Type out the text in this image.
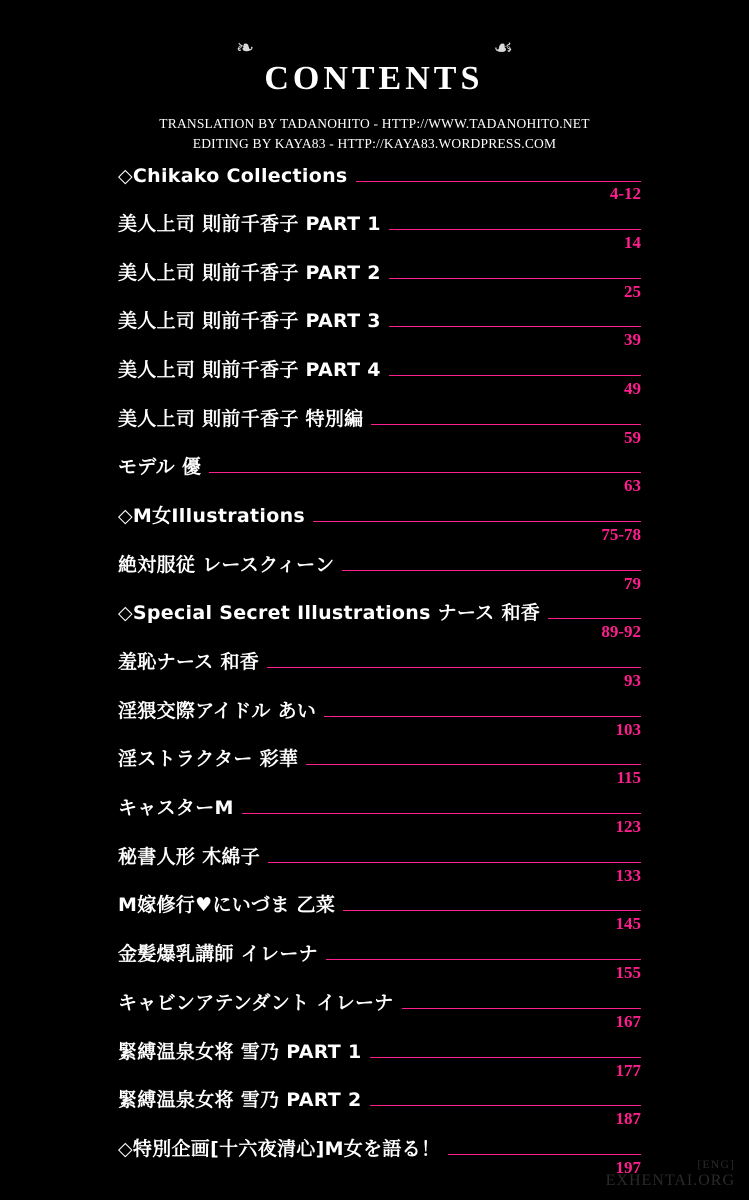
❧
CONTENTS
☙
TRANSLATION BY TADANOHITO - HTTP://WWW.TADANOHITO.NET
EDITING BY KAYA83 - HTTP://KAYA83.WORDPRESS.COM
◇Chikako Collections
4-12
美人上司 則前千香子 PART 1
14
美人上司 則前千香子 PART 2
25
美人上司 則前千香子 PART 3
39
美人上司 則前千香子 PART 4
49
美人上司 則前千香子 特別編
59
モデル 優
63
◇M女Illustrations
75-78
絶対服従 レースクィーン
79
◇Special Secret Illustrations ナース 和香
89-92
羞恥ナース 和香
93
淫猥交際アイドル あい
103
淫ストラクター 彩華
115
キャスターM
123
秘書人形 木綿子
133
M嫁修行♥にいづま 乙菜
145
金髪爆乳講師 イレーナ
155
キャビンアテンダント イレーナ
167
緊縛温泉女将 雪乃 PART 1
177
緊縛温泉女将 雪乃 PART 2
187
◇特別企画[十六夜清心]M女を語る！
197	[ENG]
EXHENTAI.ORG
